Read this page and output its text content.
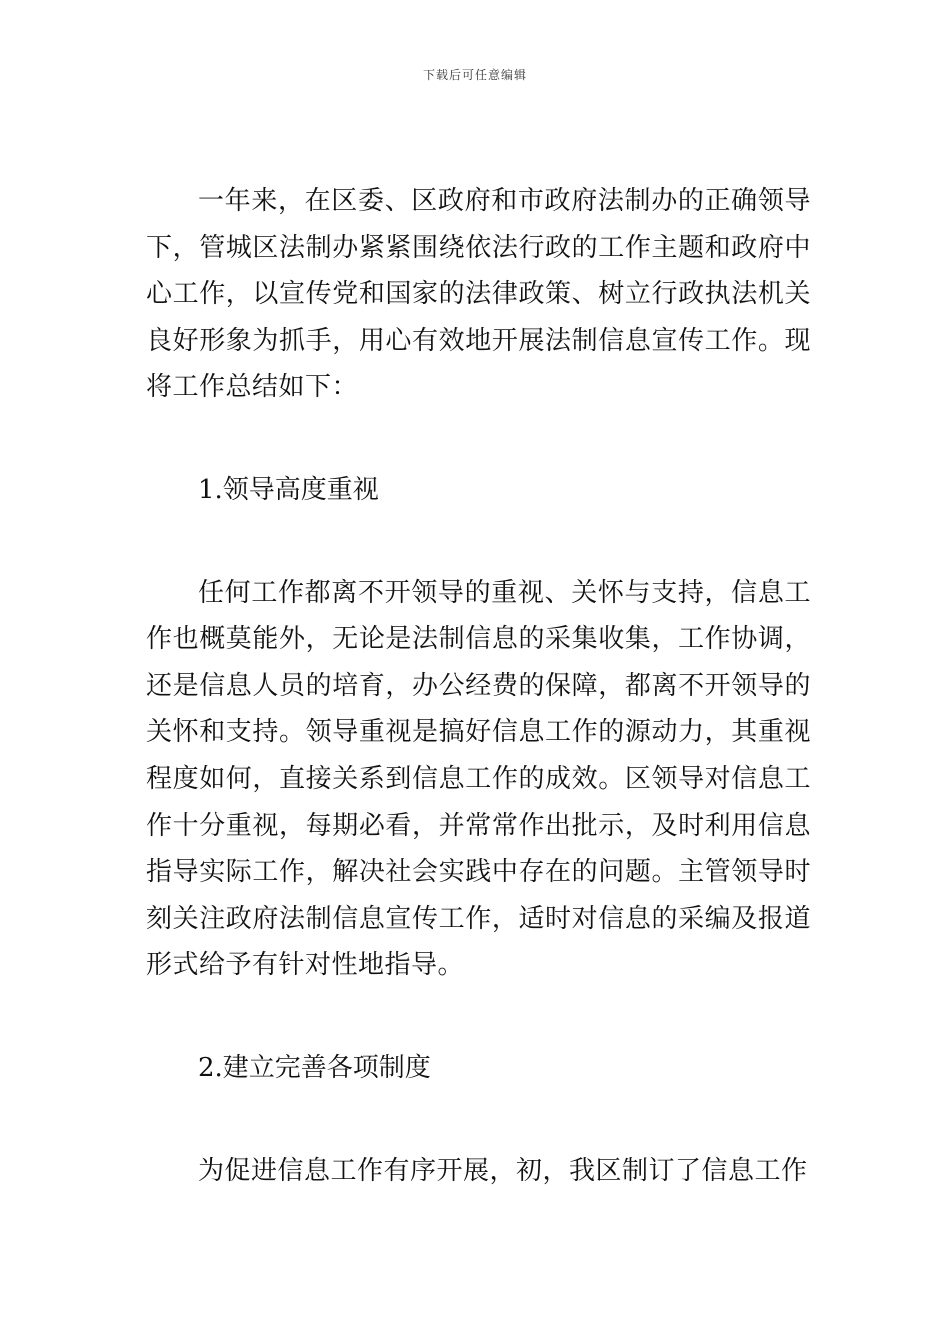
下载后可任意编辑

一年来，在区委、区政府和市政府法制办的正确领导下，管城区法制办紧紧围绕依法行政的工作主题和政府中心工作，以宣传党和国家的法律政策、树立行政执法机关良好形象为抓手，用心有效地开展法制信息宣传工作。现将工作总结如下：

1.领导高度重视

任何工作都离不开领导的重视、关怀与支持，信息工作也概莫能外，无论是法制信息的采集收集，工作协调，还是信息人员的培育，办公经费的保障，都离不开领导的关怀和支持。领导重视是搞好信息工作的源动力，其重视程度如何，直接关系到信息工作的成效。区领导对信息工作十分重视，每期必看，并常常作出批示，及时利用信息指导实际工作，解决社会实践中存在的问题。主管领导时刻关注政府法制信息宣传工作，适时对信息的采编及报道形式给予有针对性地指导。

2.建立完善各项制度

为促进信息工作有序开展，初，我区制订了信息工作
